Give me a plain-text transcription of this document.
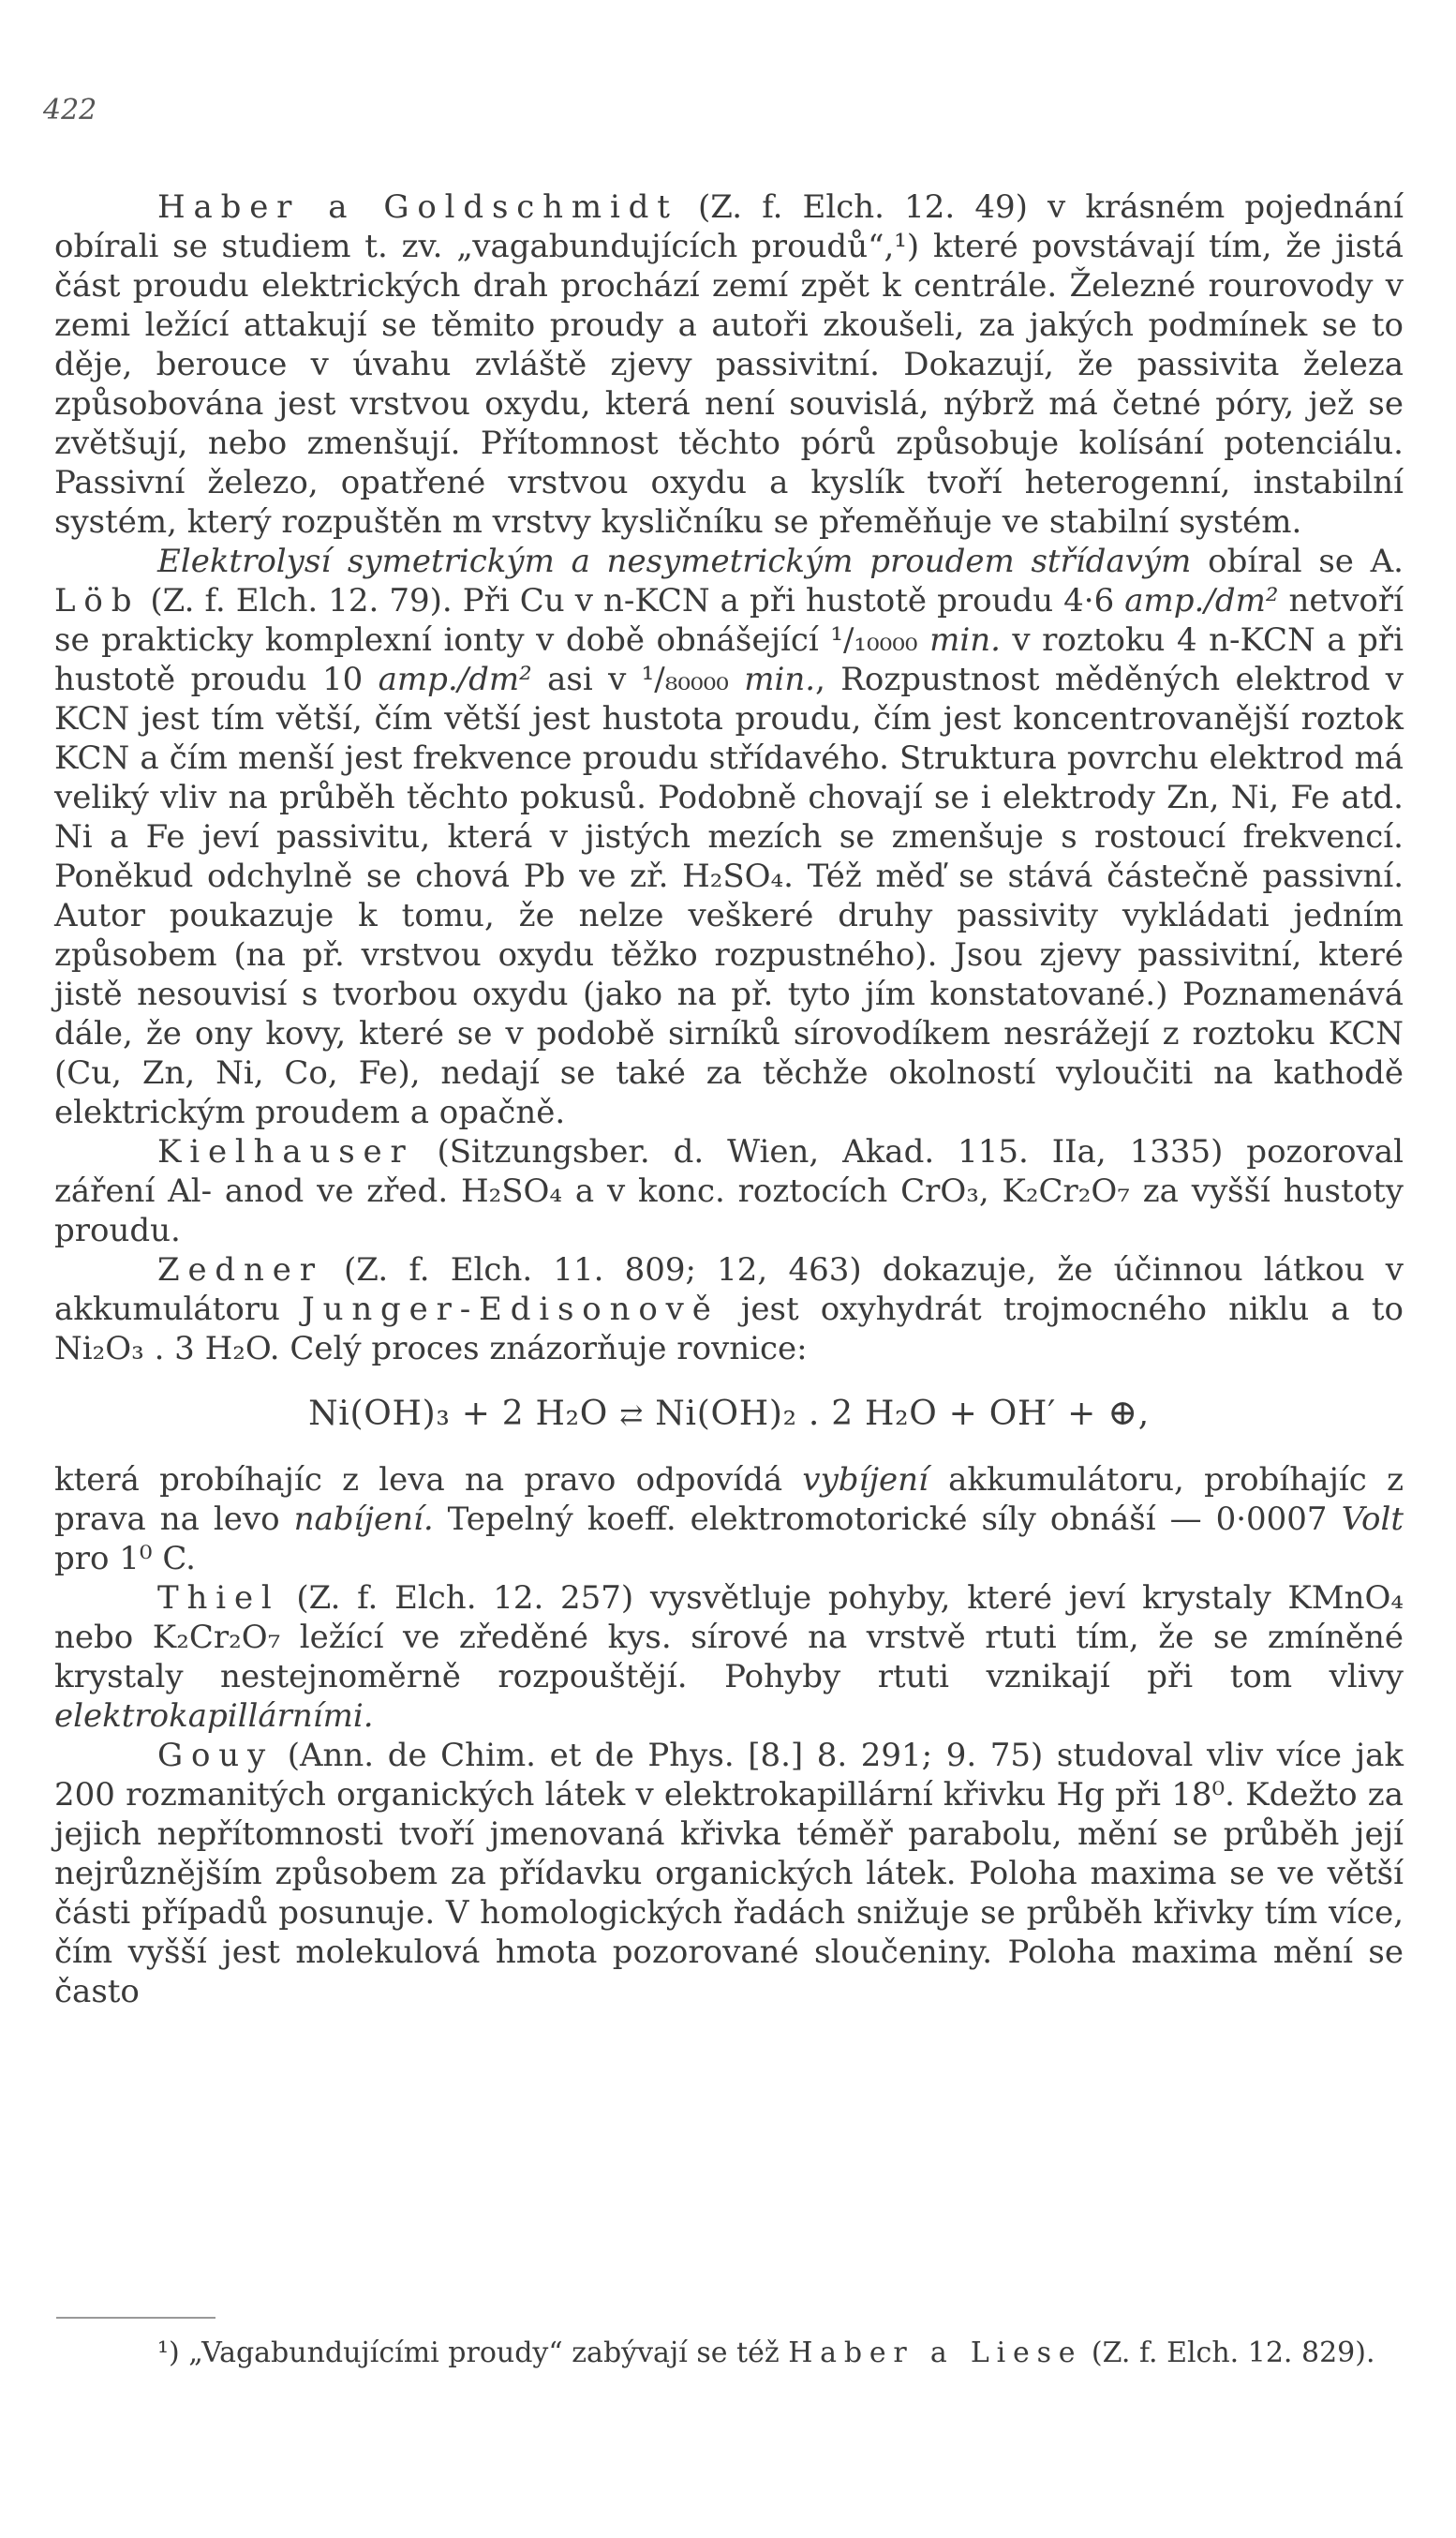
422

Haber a Goldschmidt (Z. f. Elch. 12. 49) v krásném pojednání obírali se studiem t. zv. „vagabundujících proudů“,¹) které povstávají tím, že jistá část proudu elektrických drah prochází zemí zpět k centrále. Železné rourovody v zemi ležící attakují se těmito proudy a autoři zkoušeli, za jakých podmínek se to děje, berouce v úvahu zvláště zjevy passivitní. Dokazují, že passivita železa způsobována jest vrstvou oxydu, která není souvislá, nýbrž má četné póry, jež se zvětšují, nebo zmenšují. Přítomnost těchto pórů způsobuje kolísání potenciálu. Passivní železo, opatřené vrstvou oxydu a kyslík tvoří heterogenní, instabilní systém, který rozpuštěn m vrstvy kysličníku se přeměňuje ve stabilní systém.

Elektrolysí symetrickým a nesymetrickým proudem střídavým obíral se A. Löb (Z. f. Elch. 12. 79). Při Cu v n-KCN a při hustotě proudu 4·6 amp./dm² netvoří se prakticky komplexní ionty v době obnášející ¹/₁₀₀₀₀ min. v roztoku 4 n-KCN a při hustotě proudu 10 amp./dm² asi v ¹/₈₀₀₀₀ min., Rozpustnost měděných elektrod v KCN jest tím větší, čím větší jest hustota proudu, čím jest koncentrovanější roztok KCN a čím menší jest frekvence proudu střídavého. Struktura povrchu elektrod má veliký vliv na průběh těchto pokusů. Podobně chovají se i elektrody Zn, Ni, Fe atd. Ni a Fe jeví passivitu, která v jistých mezích se zmenšuje s rostoucí frekvencí. Poněkud odchylně se chová Pb ve zř. H₂SO₄. Též měď se stává částečně passivní. Autor poukazuje k tomu, že nelze veškeré druhy passivity vykládati jedním způsobem (na př. vrstvou oxydu těžko rozpustného). Jsou zjevy passivitní, které jistě nesouvisí s tvorbou oxydu (jako na př. tyto jím konstatované.) Poznamenává dále, že ony kovy, které se v podobě sirníků sírovodíkem nesrážejí z roztoku KCN (Cu, Zn, Ni, Co, Fe), nedají se také za těchže okolností vyloučiti na kathodě elektrickým proudem a opačně.

Kielhauser (Sitzungsber. d. Wien, Akad. 115. IIa, 1335) pozoroval záření Al- anod ve zřed. H₂SO₄ a v konc. roztocích CrO₃, K₂Cr₂O₇ za vyšší hustoty proudu.

Zedner (Z. f. Elch. 11. 809; 12, 463) dokazuje, že účinnou látkou v akkumulátoru Junger-Edisonově jest oxyhydrát trojmocného niklu a to Ni₂O₃ . 3 H₂O. Celý proces znázorňuje rovnice:

Ni(OH)₃ + 2 H₂O ⇄ Ni(OH)₂ . 2 H₂O + OH′ + ⊕,

která probíhajíc z leva na pravo odpovídá vybíjení akkumulátoru, probíhajíc z prava na levo nabíjení. Tepelný koeff. elektromotorické síly obnáší — 0·0007 Volt pro 1⁰ C.

Thiel (Z. f. Elch. 12. 257) vysvětluje pohyby, které jeví krystaly KMnO₄ nebo K₂Cr₂O₇ ležící ve zředěné kys. sírové na vrstvě rtuti tím, že se zmíněné krystaly nestejnoměrně rozpouštějí. Pohyby rtuti vznikají při tom vlivy elektrokapillárními.

Gouy (Ann. de Chim. et de Phys. [8.] 8. 291; 9. 75) studoval vliv více jak 200 rozmanitých organických látek v elektrokapillární křivku Hg při 18⁰. Kdežto za jejich nepřítomnosti tvoří jmenovaná křivka téměř parabolu, mění se průběh její nejrůznějším způsobem za přídavku organických látek. Poloha maxima se ve větší části případů posunuje. V homologických řadách snižuje se průběh křivky tím více, čím vyšší jest molekulová hmota pozorované sloučeniny. Poloha maxima mění se často

¹) „Vagabundujícími proudy“ zabývají se též Haber a Liese (Z. f. Elch. 12. 829).
